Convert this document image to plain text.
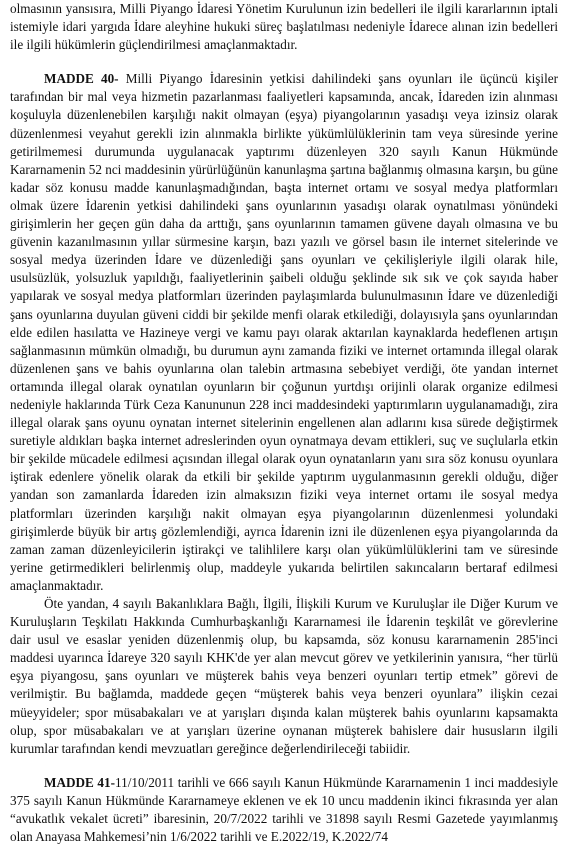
olmasının yansısıra, Milli Piyango İdaresi Yönetim Kurulunun izin bedelleri ile ilgili kararlarının iptali istemiyle idari yargıda İdare aleyhine hukuki süreç başlatılması nedeniyle İdarece alınan izin bedelleri ile ilgili hükümlerin güçlendirilmesi amaçlanmaktadır.

MADDE 40- Milli Piyango İdaresinin yetkisi dahilindeki şans oyunları ile üçüncü kişiler tarafından bir mal veya hizmetin pazarlanması faaliyetleri kapsamında, ancak, İdareden izin alınması koşuluyla düzenlenebilen karşılığı nakit olmayan (eşya) piyangolarının yasadışı veya izinsiz olarak düzenlenmesi veyahut gerekli izin alınmakla birlikte yükümlülüklerinin tam veya süresinde yerine getirilmemesi durumunda uygulanacak yaptırımı düzenleyen 320 sayılı Kanun Hükmünde Kararnamenin 52 nci maddesinin yürürlüğünün kanunlaşma şartına bağlanmış olmasına karşın, bu güne kadar söz konusu madde kanunlaşmadığından, başta internet ortamı ve sosyal medya platformları olmak üzere İdarenin yetkisi dahilindeki şans oyunlarının yasadışı olarak oynatılması yönündeki girişimlerin her geçen gün daha da arttığı, şans oyunlarının tamamen güvene dayalı olmasına ve bu güvenin kazanılmasının yıllar sürmesine karşın, bazı yazılı ve görsel basın ile internet sitelerinde ve sosyal medya üzerinden İdare ve düzenlediği şans oyunları ve çekilişleriyle ilgili olarak hile, usulsüzlük, yolsuzluk yapıldığı, faaliyetlerinin şaibeli olduğu şeklinde sık sık ve çok sayıda haber yapılarak ve sosyal medya platformları üzerinden paylaşımlarda bulunulmasının İdare ve düzenlediği şans oyunlarına duyulan güveni ciddi bir şekilde menfi olarak etkilediği, dolayısıyla şans oyunlarından elde edilen hasılatta ve Hazineye vergi ve kamu payı olarak aktarılan kaynaklarda hedeflenen artışın sağlanmasının mümkün olmadığı, bu durumun aynı zamanda fiziki ve internet ortamında illegal olarak düzenlenen şans ve bahis oyunlarına olan talebin artmasına sebebiyet verdiği, öte yandan internet ortamında illegal olarak oynatılan oyunların bir çoğunun yurtdışı orijinli olarak organize edilmesi nedeniyle haklarında Türk Ceza Kanununun 228 inci maddesindeki yaptırımların uygulanamadığı, zira illegal olarak şans oyunu oynatan internet sitelerinin engellenen alan adlarını kısa sürede değiştirmek suretiyle aldıkları başka internet adreslerinden oyun oynatmaya devam ettikleri, suç ve suçlularla etkin bir şekilde mücadele edilmesi açısından illegal olarak oyun oynatanların yanı sıra söz konusu oyunlara iştirak edenlere yönelik olarak da etkili bir şekilde yaptırım uygulanmasının gerekli olduğu, diğer yandan son zamanlarda İdareden izin almaksızın fiziki veya internet ortamı ile sosyal medya platformları üzerinden karşılığı nakit olmayan eşya piyangolarının düzenlenmesi yolundaki girişimlerde büyük bir artış gözlemlendiği, ayrıca İdarenin izni ile düzenlenen eşya piyangolarında da zaman zaman düzenleyicilerin iştirakçi ve talihlilere karşı olan yükümlülüklerini tam ve süresinde yerine getirmedikleri belirlenmiş olup, maddeyle yukarıda belirtilen sakıncaların bertaraf edilmesi amaçlanmaktadır.

Öte yandan, 4 sayılı Bakanlıklara Bağlı, İlgili, İlişkili Kurum ve Kuruluşlar ile Diğer Kurum ve Kuruluşların Teşkilatı Hakkında Cumhurbaşkanlığı Kararnamesi ile İdarenin teşkilât ve görevlerine dair usul ve esaslar yeniden düzenlenmiş olup, bu kapsamda, söz konusu kararnamenin 285'inci maddesi uyarınca İdareye 320 sayılı KHK'de yer alan mevcut görev ve yetkilerinin yanısıra, “her türlü eşya piyangosu, şans oyunları ve müşterek bahis veya benzeri oyunları tertip etmek” görevi de verilmiştir. Bu bağlamda, maddede geçen “müşterek bahis veya benzeri oyunlara” ilişkin cezai müeyyideler; spor müsabakaları ve at yarışları dışında kalan müşterek bahis oyunlarını kapsamakta olup, spor müsabakaları ve at yarışları üzerine oynanan müşterek bahislere dair hususların ilgili kurumlar tarafından kendi mevzuatları gereğince değerlendirileceği tabiidir.

MADDE 41-11/10/2011 tarihli ve 666 sayılı Kanun Hükmünde Kararnamenin 1 inci maddesiyle 375 sayılı Kanun Hükmünde Kararnameye eklenen ve ek 10 uncu maddenin ikinci fıkrasında yer alan “avukatlık vekalet ücreti” ibaresinin, 20/7/2022 tarihli ve 31898 sayılı Resmi Gazetede yayımlanmış olan Anayasa Mahkemesi’nin 1/6/2022 tarihli ve E.2022/19, K.2022/74
